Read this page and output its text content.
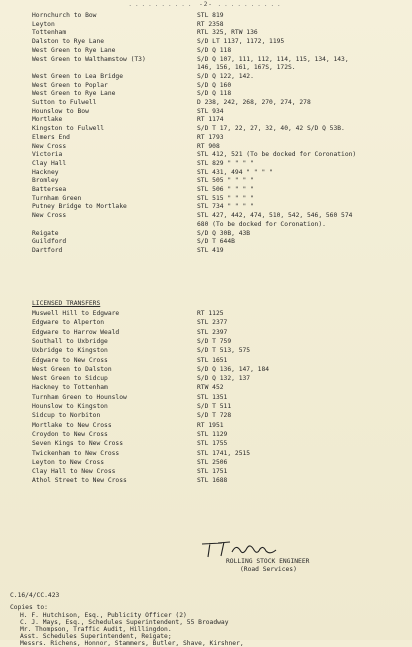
.......... -2- ..........
Hornchurch to Bow	STL 819
Leyton	RT 2358
Tottenham	RTL 325, RTW 136
Dalston to Rye Lane	S/D LT 1137, 1172, 1195
West Green to Rye Lane	S/D Q 118
West Green to Walthamstow (T3)	S/D Q 107, 111, 112, 114, 115, 134, 143,
146, 156, 161, 167S, 172S.
West Green to Lea Bridge	S/D Q 122, 142.
West Green to Poplar	S/D Q 160
West Green to Rye Lane	S/D Q 118
Sutton to Fulwell	D 238, 242, 268, 270, 274, 278
Hounslow to Bow	STL 934
Mortlake	RT 1174
Kingston to Fulwell	S/D T 17, 22, 27, 32, 40, 42 S/D Q 53B.
Elmers End	RT 1793
New Cross	RT 908
Victoria	STL 412, 521 (To be docked for Coronation)
Clay Hall	STL 829 " " " "
Hackney	STL 431, 494 " " " "
Bromley	STL 505 " " " "
Battersea	STL 506 " " " "
Turnham Green	STL 515 " " " "
Putney Bridge to Mortlake	STL 734 " " " "
New Cross	STL 427, 442, 474, 510, 542, 546, 560 574
680 (To be docked for Coronation).
Reigate	S/D Q 30B, 43B
Guildford	S/D T 644B
Dartford	STL 419
LICENSED TRANSFERS
Muswell Hill to Edgware	RT 1125
Edgware to Alperton	STL 2377
Edgware to Harrow Weald	STL 2397
Southall to Uxbridge	S/D T 759
Uxbridge to Kingston	S/D T 513, 575
Edgware to New Cross	STL 1651
West Green to Dalston	S/D Q 136, 147, 184
West Green to Sidcup	S/D Q 132, 137
Hackney to Tottenham	RTW 452
Turnham Green to Hounslow	STL 1351
Hounslow to Kingston	S/D T 511
Sidcup to Norbiton	S/D T 728
Mortlake to New Cross	RT 1951
Croydon to New Cross	STL 1129
Seven Kings to New Cross	STL 1755
Twickenham to New Cross	STL 1741, 2515
Leyton to New Cross	STL 2506
Clay Hall to New Cross	STL 1751
Athol Street to New Cross	STL 1688
C.16/4/CC.423
ROLLING STOCK ENGINEER
(Road Services)
Copies to:
H. F. Hutchison, Esq., Publicity Officer (2)
C. J. Mays, Esq., Schedules Superintendent, 55 Broadway
Mr. Thompson, Traffic Audit, Hillingdon.
Asst. Schedules Superintendent, Reigate;
Messrs. Richens, Honnor, Stammers, Butler, Shave, Kirshner,
